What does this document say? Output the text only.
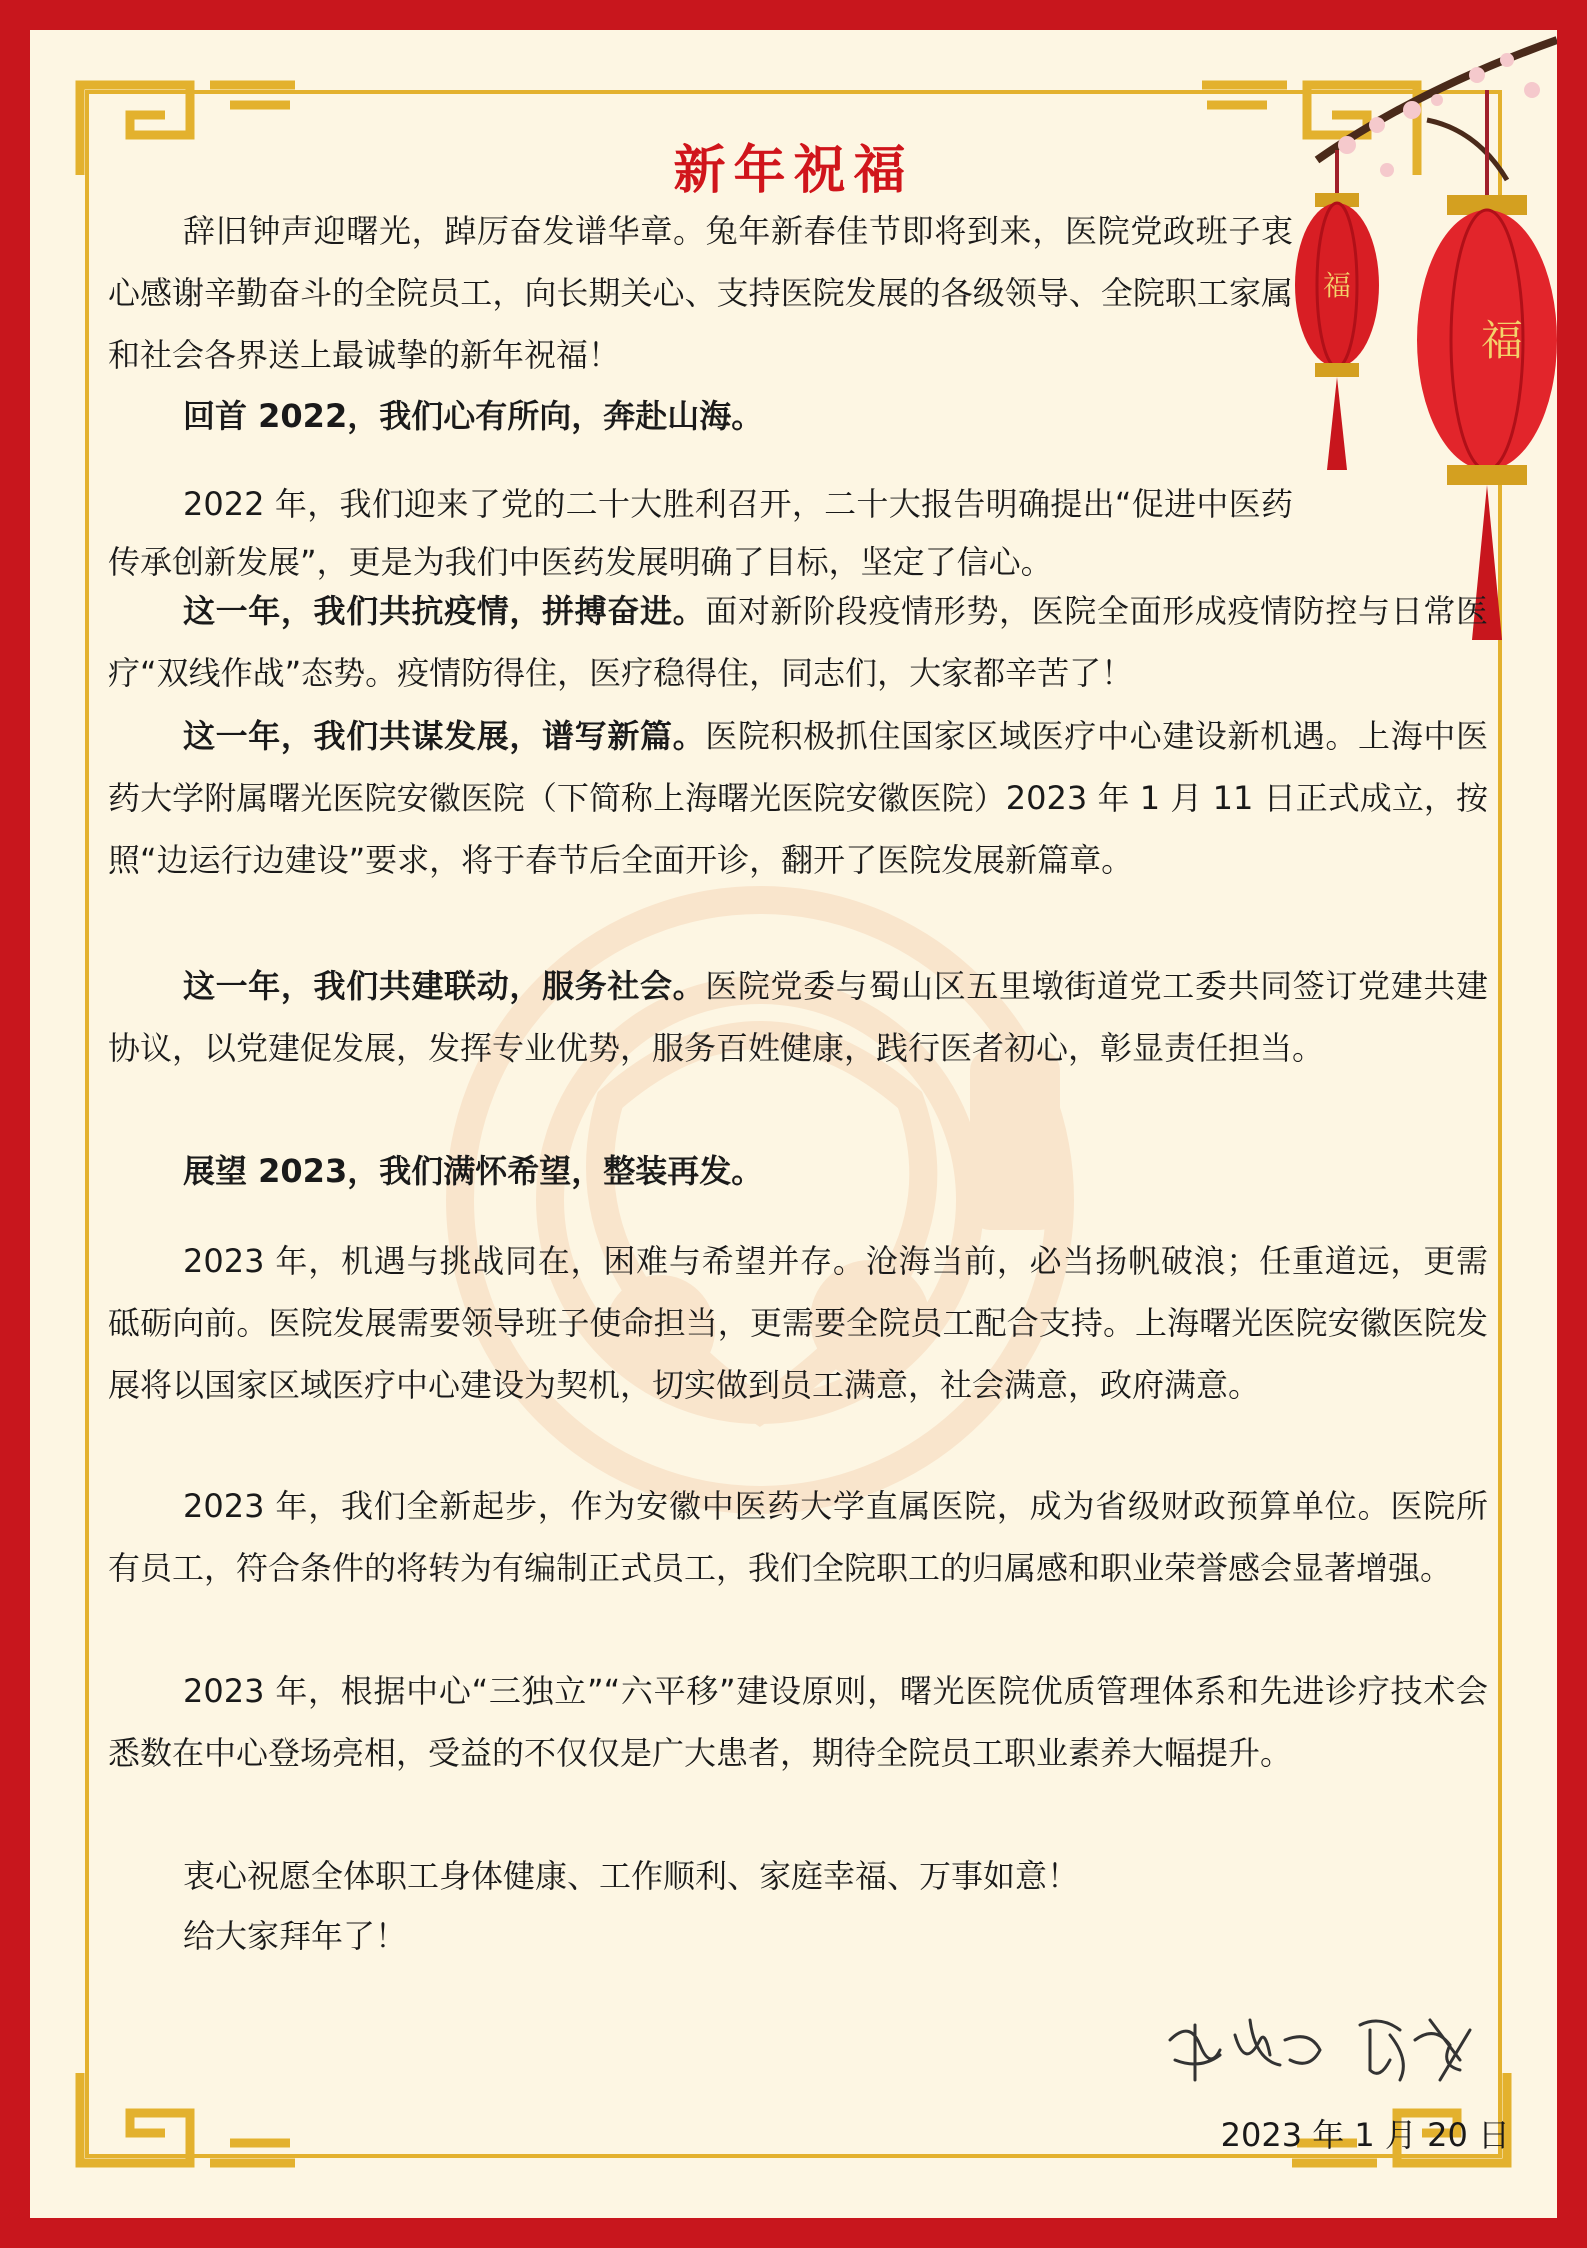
福
福
新年祝福

辞旧钟声迎曙光，踔厉奋发谱华章。兔年新春佳节即将到来，医院党政班子衷心感谢辛勤奋斗的全院员工，向长期关心、支持医院发展的各级领导、全院职工家属和社会各界送上最诚挚的新年祝福！

回首 2022，我们心有所向，奔赴山海。

2022 年，我们迎来了党的二十大胜利召开，二十大报告明确提出“促进中医药传承创新发展”，更是为我们中医药发展明确了目标，坚定了信心。

这一年，我们共抗疫情，拼搏奋进。面对新阶段疫情形势，医院全面形成疫情防控与日常医疗“双线作战”态势。疫情防得住，医疗稳得住，同志们，大家都辛苦了！

这一年，我们共谋发展，谱写新篇。医院积极抓住国家区域医疗中心建设新机遇。上海中医药大学附属曙光医院安徽医院（下简称上海曙光医院安徽医院）2023 年 1 月 11 日正式成立，按照“边运行边建设”要求，将于春节后全面开诊，翻开了医院发展新篇章。

这一年，我们共建联动，服务社会。医院党委与蜀山区五里墩街道党工委共同签订党建共建协议，以党建促发展，发挥专业优势，服务百姓健康，践行医者初心，彰显责任担当。

展望 2023，我们满怀希望，整装再发。

2023 年，机遇与挑战同在，困难与希望并存。沧海当前，必当扬帆破浪；任重道远，更需砥砺向前。医院发展需要领导班子使命担当，更需要全院员工配合支持。上海曙光医院安徽医院发展将以国家区域医疗中心建设为契机，切实做到员工满意，社会满意，政府满意。

2023 年，我们全新起步，作为安徽中医药大学直属医院，成为省级财政预算单位。医院所有员工，符合条件的将转为有编制正式员工，我们全院职工的归属感和职业荣誉感会显著增强。

2023 年，根据中心“三独立”“六平移”建设原则，曙光医院优质管理体系和先进诊疗技术会悉数在中心登场亮相，受益的不仅仅是广大患者，期待全院员工职业素养大幅提升。

衷心祝愿全体职工身体健康、工作顺利、家庭幸福、万事如意！

给大家拜年了！

2023 年 1 月 20 日
